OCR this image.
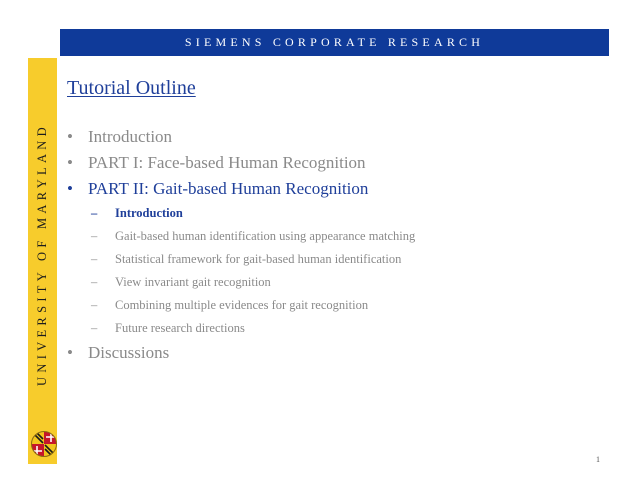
SIEMENS CORPORATE RESEARCH
UNIVERSITY OF MARYLAND
Tutorial Outline
• Introduction
• PART I: Face-based Human Recognition
• PART II: Gait-based Human Recognition
– Introduction
– Gait-based human identification using appearance matching
– Statistical framework for gait-based human identification
– View invariant gait recognition
– Combining multiple evidences for gait recognition
– Future research directions
• Discussions
1
